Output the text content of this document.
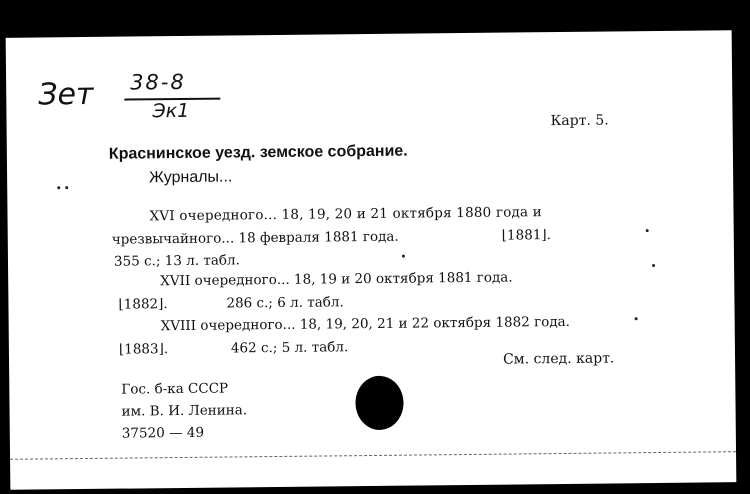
Зет 38-8
Эк1	Карт. 5.
Краснинское уезд. земское собрание.
Журналы...
XVI очередного... 18, 19, 20 и 21 октября 1880 года и
чрезвычайного... 18 февраля 1881 года.	⌊1881⌋.
355 с.; 13 л. табл.
XVII очередного... 18, 19 и 20 октября 1881 года.
⌊1882⌋.	286 с.; 6 л. табл.
XVIII очередного... 18, 19, 20, 21 и 22 октября 1882 года.
⌊1883⌋.	462 с.; 5 л. табл.
См. след. карт.
Гос. б-ка СССР
им. В. И. Ленина.
37520 — 49
